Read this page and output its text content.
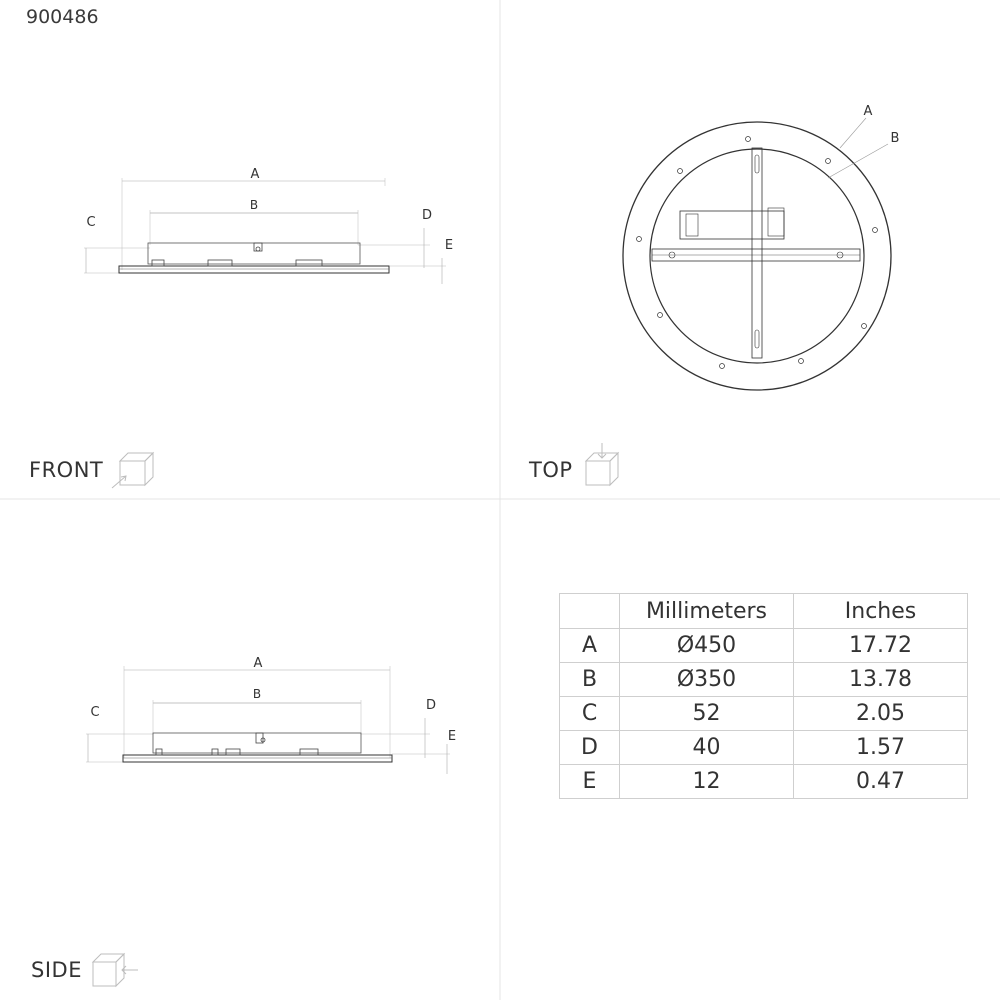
900486
A
B
C	D
E
A
B
A
B
C	D
E
FRONT	TOP
SIDE
	Millimeters	Inches
A	Ø450	17.72
B	Ø350	13.78
C	52	2.05
D	40	1.57
E	12	0.47
